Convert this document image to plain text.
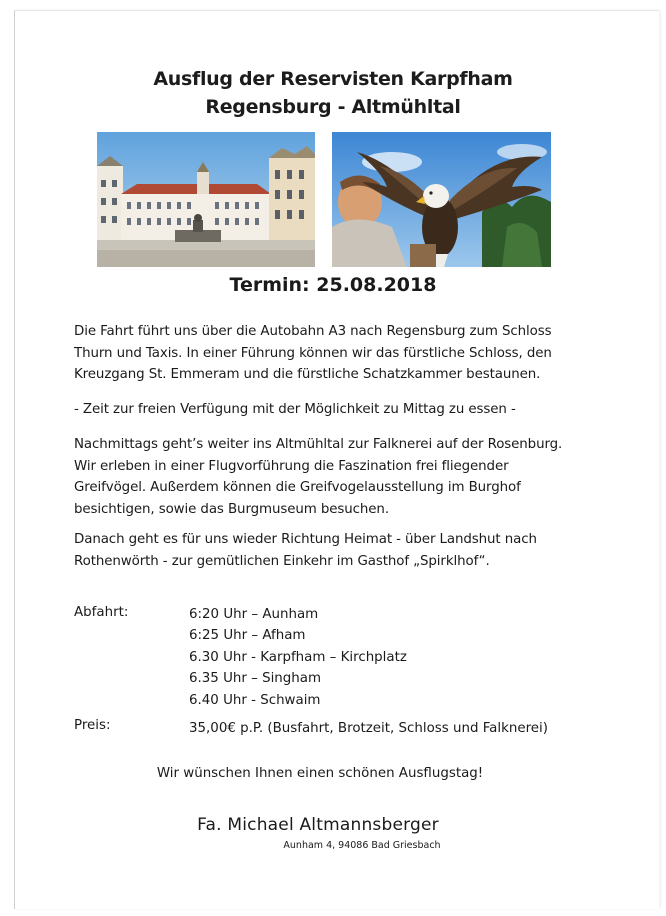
Ausflug der Reservisten Karpfham
Regensburg - Altmühltal
Termin: 25.08.2018
Die Fahrt führt uns über die Autobahn A3 nach Regensburg zum Schloss
Thurn und Taxis. In einer Führung können wir das fürstliche Schloss, den
Kreuzgang St. Emmeram und die fürstliche Schatzkammer bestaunen.
- Zeit zur freien Verfügung mit der Möglichkeit zu Mittag zu essen -
Nachmittags geht’s weiter ins Altmühltal zur Falknerei auf der Rosenburg.
Wir erleben in einer Flugvorführung die Faszination frei fliegender
Greifvögel. Außerdem können die Greifvogelausstellung im Burghof
besichtigen, sowie das Burgmuseum besuchen.
Danach geht es für uns wieder Richtung Heimat - über Landshut nach
Rothenwörth - zur gemütlichen Einkehr im Gasthof „Spirklhof“.
Abfahrt:	6:20 Uhr – Aunham
6:25 Uhr – Afham
6.30 Uhr - Karpfham – Kirchplatz
6.35 Uhr – Singham
6.40 Uhr - Schwaim
Preis:	35,00€ p.P. (Busfahrt, Brotzeit, Schloss und Falknerei)
Wir wünschen Ihnen einen schönen Ausflugstag!
Fa. Michael Altmannsberger
Aunham 4, 94086 Bad Griesbach
